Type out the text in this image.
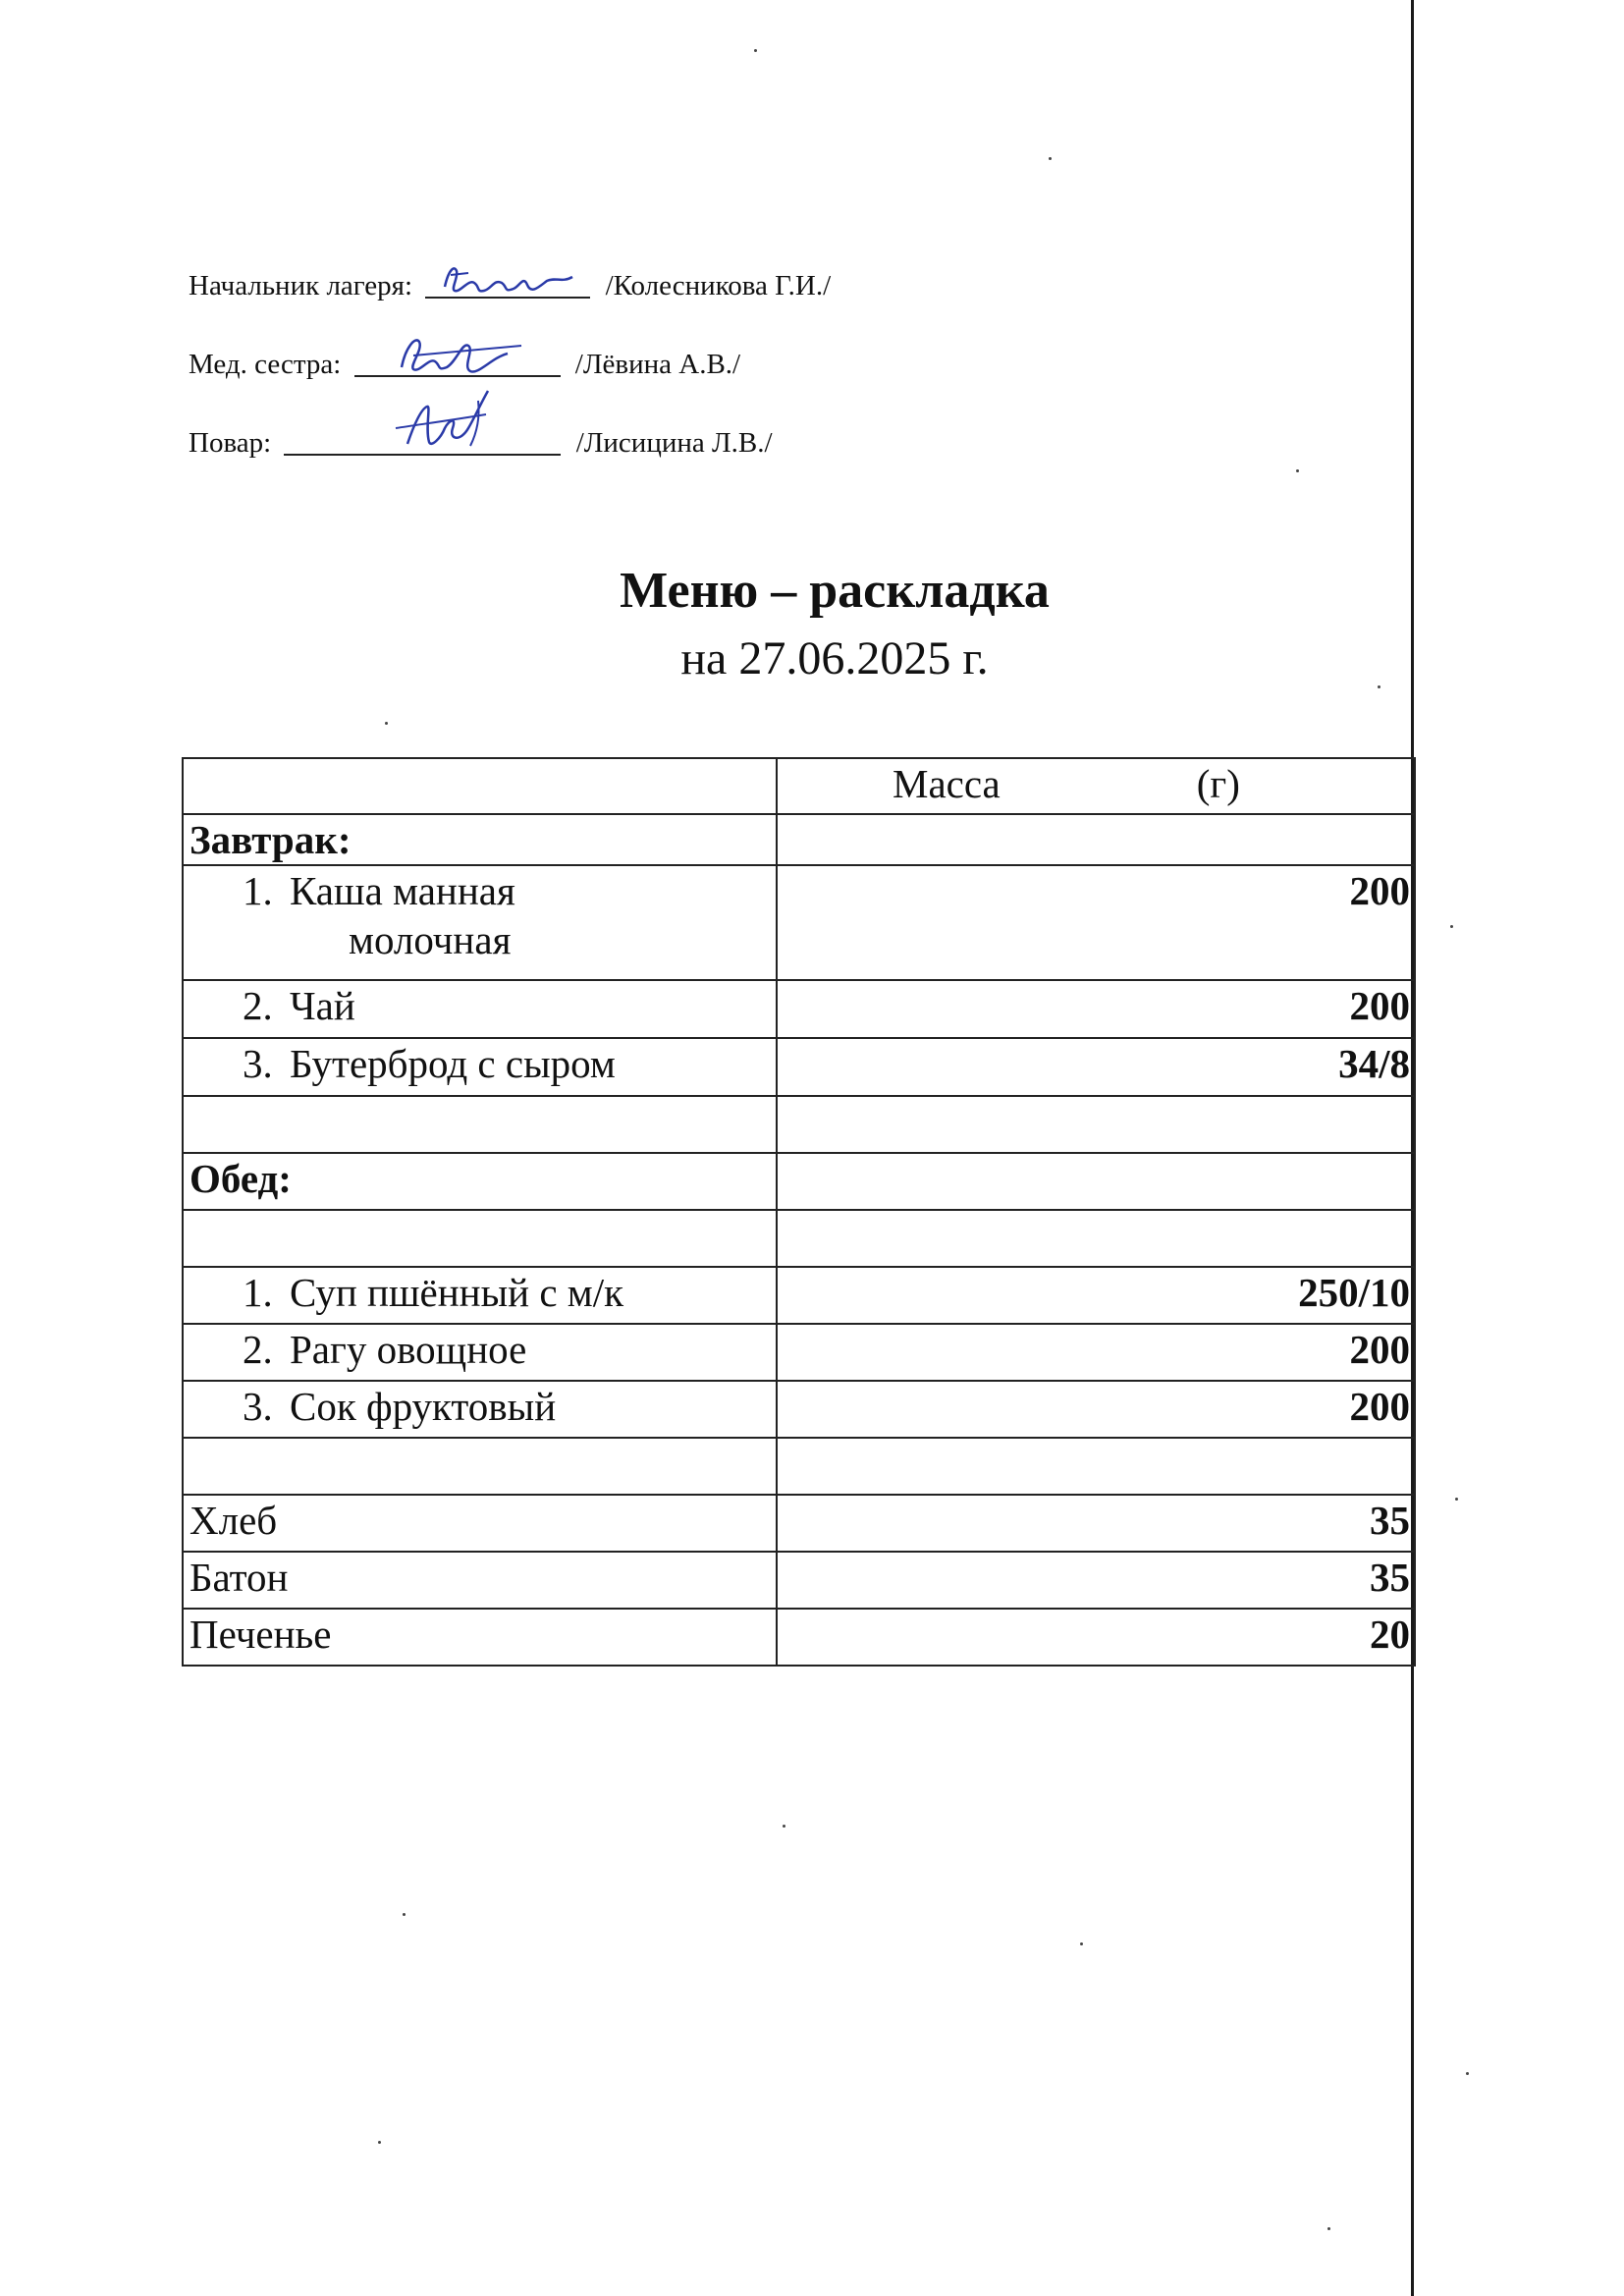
Начальник лагеря:	/Колесникова Г.И./
Мед. сестра:	/Лёвина А.В./
Повар:	/Лисицина Л.В./
Меню – раскладка
на 27.06.2025 г.
	Масса (г)
Завтрак:	
1. Каша манная
молочная	200
2. Чай	200
3. Бутерброд с сыром	34/8

Обед:	

1. Суп пшённый с м/к	250/10
2. Рагу овощное	200
3. Сок фруктовый	200

Хлеб	35
Батон	35
Печенье	20
